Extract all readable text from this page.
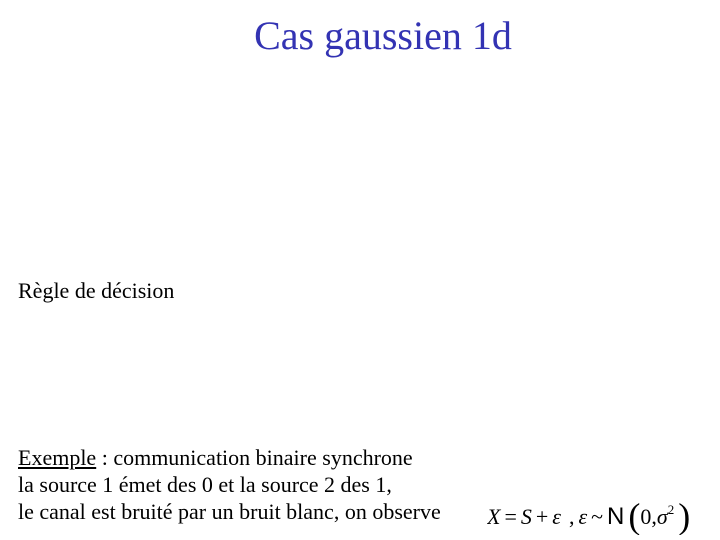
Cas gaussien 1d
Règle de décision
Exemple : communication binaire synchrone
la source 1 émet des 0 et la source 2 des 1,
le canal est bruité par un bruit blanc, on observe X = S + ε , ε ~ N ($0,\sigma^2$ )
